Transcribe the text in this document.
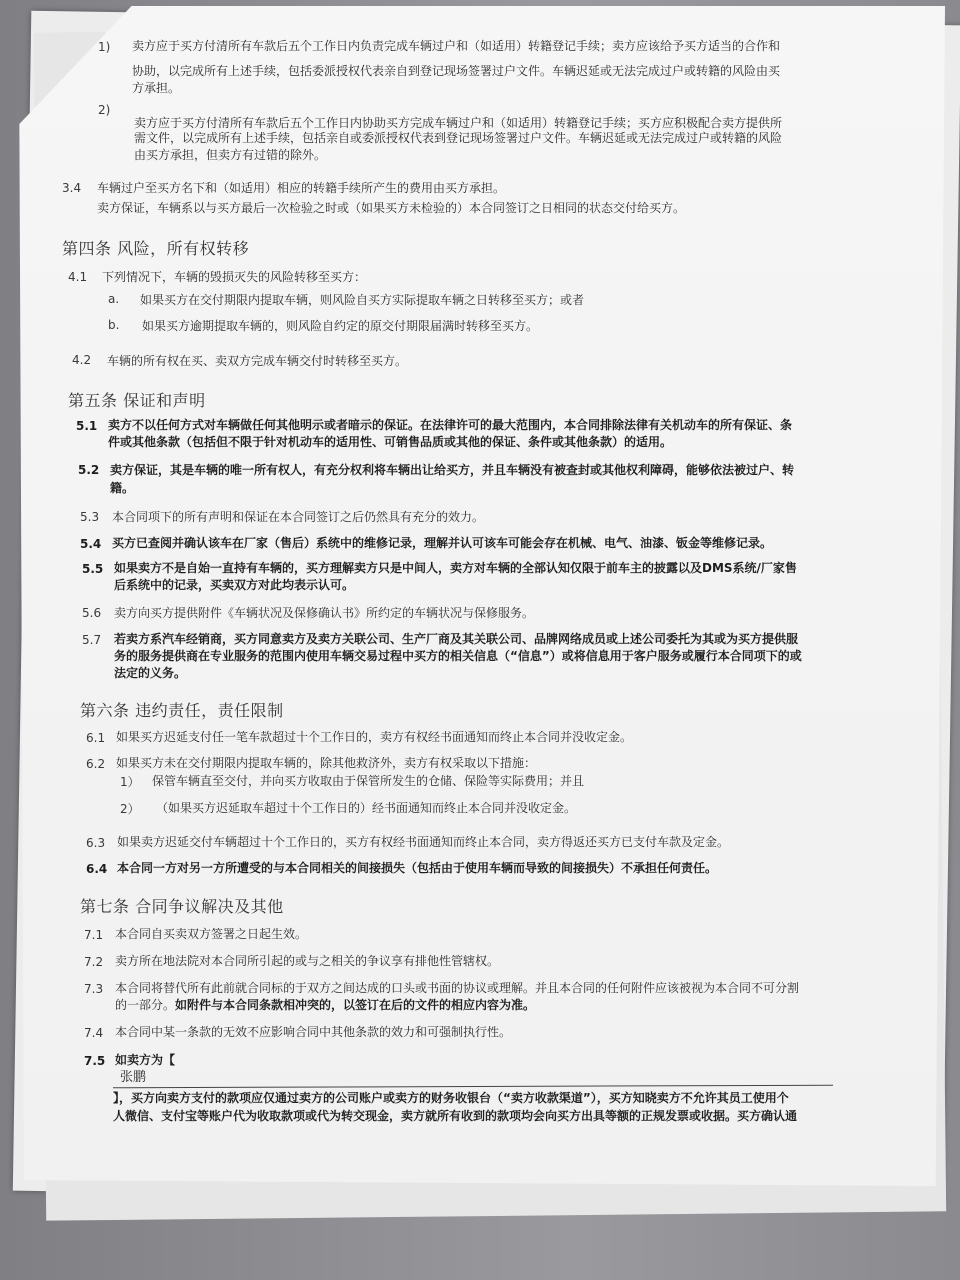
1) 卖方应于买方付清所有车款后五个工作日内负责完成车辆过户和（如适用）转籍登记手续；卖方应该给予买方适当的合作和
协助，以完成所有上述手续，包括委派授权代表亲自到登记现场签署过户文件。车辆迟延或无法完成过户或转籍的风险由买
方承担。
2)
卖方应于买方付清所有车款后五个工作日内协助买方完成车辆过户和（如适用）转籍登记手续；买方应积极配合卖方提供所
需文件，以完成所有上述手续，包括亲自或委派授权代表到登记现场签署过户文件。车辆迟延或无法完成过户或转籍的风险
由买方承担，但卖方有过错的除外。
3.4 车辆过户至买方名下和（如适用）相应的转籍手续所产生的费用由买方承担。
卖方保证，车辆系以与买方最后一次检验之时或（如果买方未检验的）本合同签订之日相同的状态交付给买方。
第四条 风险，所有权转移
4.1 下列情况下，车辆的毁损灭失的风险转移至买方：
a. 如果买方在交付期限内提取车辆，则风险自买方实际提取车辆之日转移至买方；或者
b. 如果买方逾期提取车辆的，则风险自约定的原交付期限届满时转移至买方。
4.2 车辆的所有权在买、卖双方完成车辆交付时转移至买方。
第五条 保证和声明
5.1 卖方不以任何方式对车辆做任何其他明示或者暗示的保证。在法律许可的最大范围内，本合同排除法律有关机动车的所有保证、条
件或其他条款（包括但不限于针对机动车的适用性、可销售品质或其他的保证、条件或其他条款）的适用。
5.2 卖方保证，其是车辆的唯一所有权人，有充分权利将车辆出让给买方，并且车辆没有被查封或其他权利障碍，能够依法被过户、转
籍。
5.3 本合同项下的所有声明和保证在本合同签订之后仍然具有充分的效力。
5.4 买方已查阅并确认该车在厂家（售后）系统中的维修记录，理解并认可该车可能会存在机械、电气、油漆、钣金等维修记录。
5.5 如果卖方不是自始一直持有车辆的，买方理解卖方只是中间人，卖方对车辆的全部认知仅限于前车主的披露以及DMS系统/厂家售
后系统中的记录，买卖双方对此均表示认可。
5.6 卖方向买方提供附件《车辆状况及保修确认书》所约定的车辆状况与保修服务。
5.7 若卖方系汽车经销商，买方同意卖方及卖方关联公司、生产厂商及其关联公司、品牌网络成员或上述公司委托为其或为买方提供服
务的服务提供商在专业服务的范围内使用车辆交易过程中买方的相关信息（“信息”）或将信息用于客户服务或履行本合同项下的或
法定的义务。
第六条 违约责任，责任限制
6.1 如果买方迟延支付任一笔车款超过十个工作日的，卖方有权经书面通知而终止本合同并没收定金。
6.2 如果买方未在交付期限内提取车辆的，除其他救济外，卖方有权采取以下措施：
1） 保管车辆直至交付，并向买方收取由于保管所发生的仓储、保险等实际费用；并且
2） （如果买方迟延取车超过十个工作日的）经书面通知而终止本合同并没收定金。
6.3 如果卖方迟延交付车辆超过十个工作日的，买方有权经书面通知而终止本合同，卖方得返还买方已支付车款及定金。
6.4 本合同一方对另一方所遭受的与本合同相关的间接损失（包括由于使用车辆而导致的间接损失）不承担任何责任。
第七条 合同争议解决及其他
7.1 本合同自买卖双方签署之日起生效。
7.2 卖方所在地法院对本合同所引起的或与之相关的争议享有排他性管辖权。
7.3 本合同将替代所有此前就合同标的于双方之间达成的口头或书面的协议或理解。并且本合同的任何附件应该被视为本合同不可分割
的一部分。如附件与本合同条款相冲突的，以签订在后的文件的相应内容为准。
7.4 本合同中某一条款的无效不应影响合同中其他条款的效力和可强制执行性。
7.5 如卖方为【
张鹏
】，买方向卖方支付的款项应仅通过卖方的公司账户或卖方的财务收银台（“卖方收款渠道”），买方知晓卖方不允许其员工使用个
人微信、支付宝等账户代为收取款项或代为转交现金，卖方就所有收到的款项均会向买方出具等额的正规发票或收据。买方确认通
